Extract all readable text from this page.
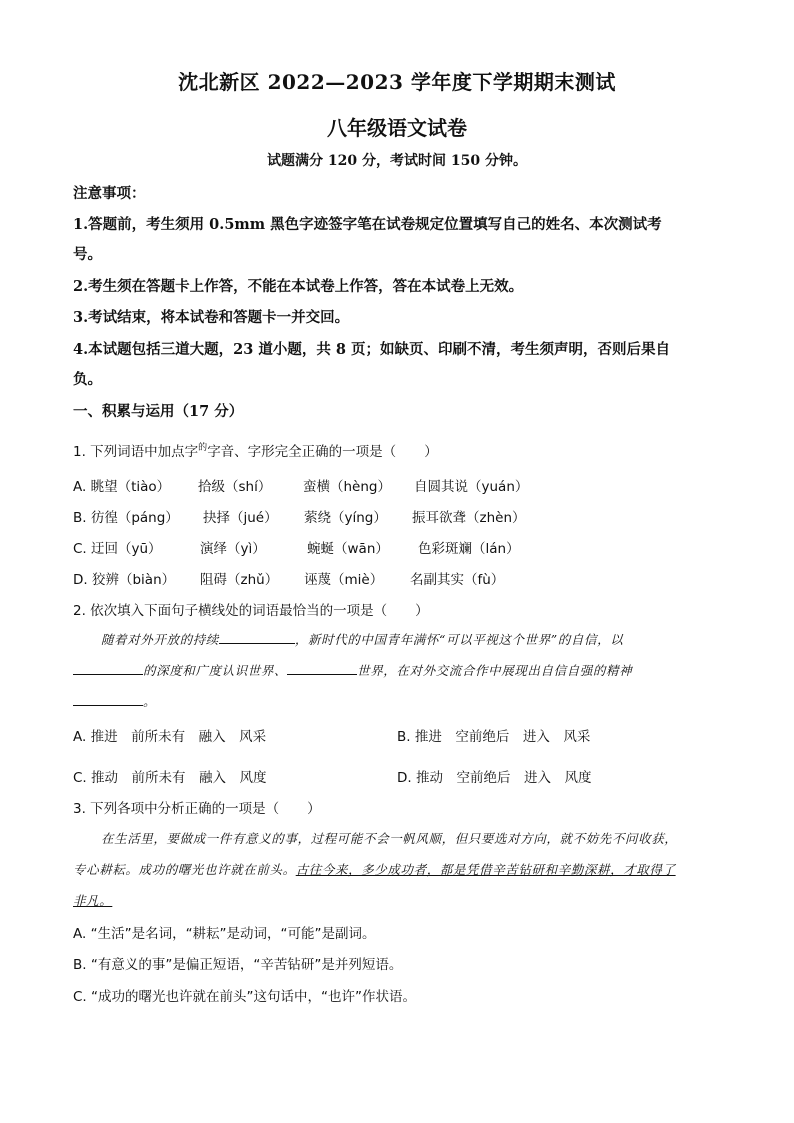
沈北新区 2022—2023 学年度下学期期末测试
八年级语文试卷
试题满分 120 分，考试时间 150 分钟。
注意事项：
1.答题前，考生须用 0.5mm 黑色字迹签字笔在试卷规定位置填写自己的姓名、本次测试考
号。
2.考生须在答题卡上作答，不能在本试卷上作答，答在本试卷上无效。
3.考试结束，将本试卷和答题卡一并交回。
4.本试题包括三道大题，23 道小题，共 8 页；如缺页、印刷不清，考生须声明，否则后果自
负。
一、积累与运用（17 分）
1. 下列词语中加点字$^的$字音、字形完全正确的一项是（ ）
A. 眺望（tiào） 拾级（shí） 蛮横（hèng） 自圆其说（yuán）
B. 彷徨（páng） 抉择（jué） 萦绕（yíng） 振耳欲聋（zhèn）
C. 迂回（yū）	演绎（yì）	蜿蜒（wān） 色彩斑斓（lán）
D. 狡辨（biàn） 阻碍（zhǔ） 诬蔑（miè） 名副其实（fù）
2. 依次填入下面句子横线处的词语最恰当的一项是（ ）
随着对外开放的持续	，新时代的中国青年满怀“可以平视这个世界”的自信，以
的深度和广度认识世界、	世界，在对外交流合作中展现出自信自强的精神
。
A. 推进　前所未有　融入　风采	B. 推进　空前绝后　进入　风采
C. 推动　前所未有　融入　风度	D. 推动　空前绝后　进入　风度
3. 下列各项中分析正确的一项是（ ）
在生活里，要做成一件有意义的事，过程可能不会一帆风顺，但只要选对方向，就不妨先不问收获，
专心耕耘。成功的曙光也许就在前头。古往今来，多少成功者，都是凭借辛苦钻研和辛勤深耕，才取得了
非凡。
A. “生活”是名词，“耕耘”是动词，“可能”是副词。
B. “有意义的事”是偏正短语，“辛苦钻研”是并列短语。
C. “成功的曙光也许就在前头”这句话中，“也许”作状语。
